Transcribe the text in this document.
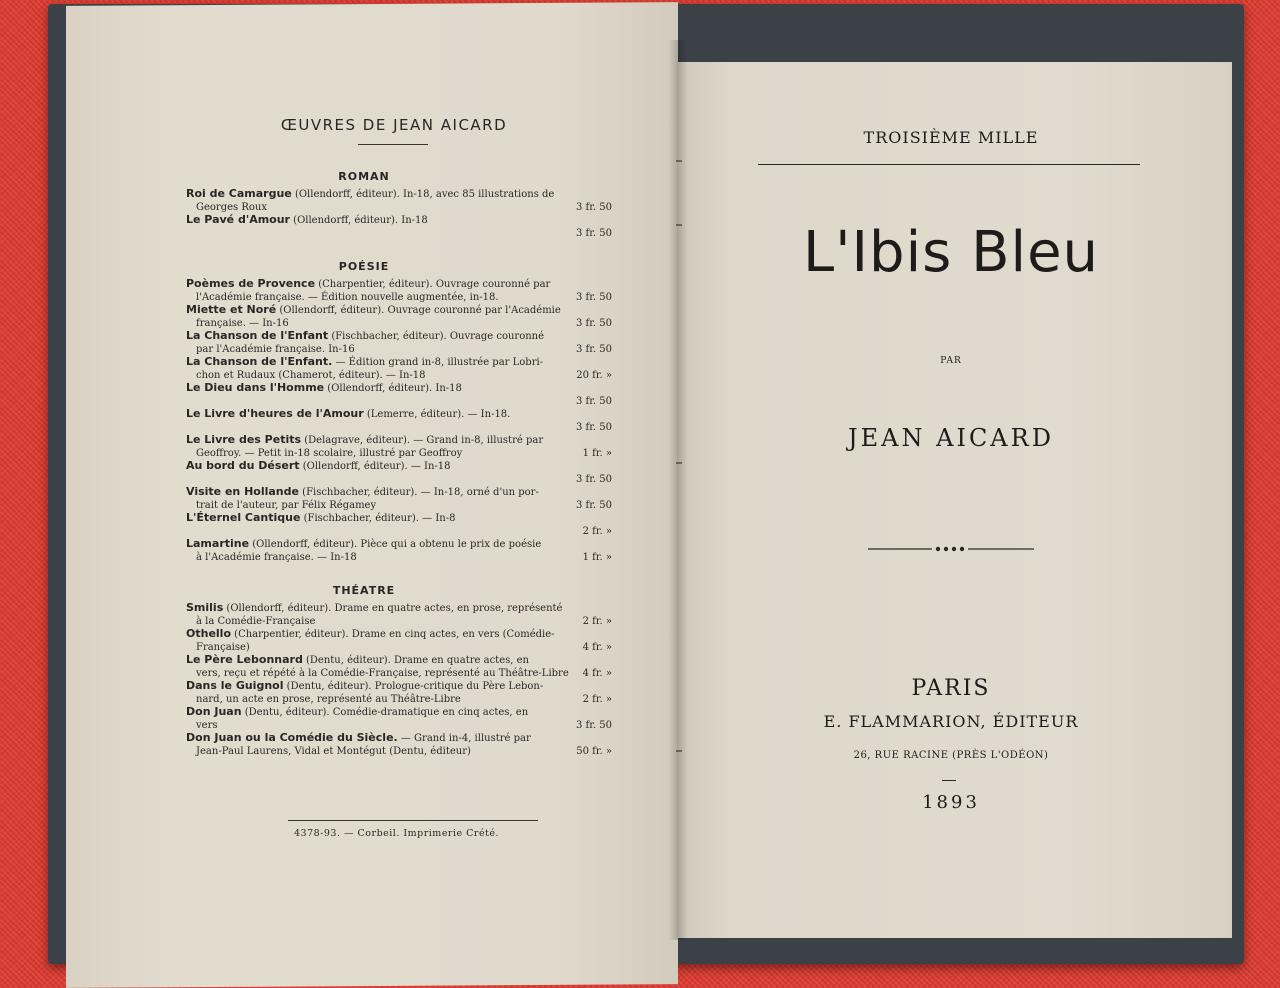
ŒUVRES DE JEAN AICARD
ROMAN
Roi de Camargue (Ollendorff, éditeur). In-18, avec 85 illustrations de
Georges Roux	3 fr. 50
Le Pavé d'Amour (Ollendorff, éditeur). In-18
3 fr. 50
POÉSIE
Poèmes de Provence (Charpentier, éditeur). Ouvrage couronné par
l'Académie française. — Édition nouvelle augmentée, in-18.	3 fr. 50
Miette et Noré (Ollendorff, éditeur). Ouvrage couronné par l'Académie
française. — In-16	3 fr. 50
La Chanson de l'Enfant (Fischbacher, éditeur). Ouvrage couronné
par l'Académie française. In-16	3 fr. 50
La Chanson de l'Enfant. — Édition grand in-8, illustrée par Lobri-
chon et Rudaux (Chamerot, éditeur). — In-18	20 fr. »
Le Dieu dans l'Homme (Ollendorff, éditeur). In-18
3 fr. 50
Le Livre d'heures de l'Amour (Lemerre, éditeur). — In-18.
3 fr. 50
Le Livre des Petits (Delagrave, éditeur). — Grand in-8, illustré par
Geoffroy. — Petit in-18 scolaire, illustré par Geoffroy	1 fr. »
Au bord du Désert (Ollendorff, éditeur). — In-18
3 fr. 50
Visite en Hollande (Fischbacher, éditeur). — In-18, orné d'un por-
trait de l'auteur, par Félix Régamey	3 fr. 50
L'Éternel Cantique (Fischbacher, éditeur). — In-8
2 fr. »
Lamartine (Ollendorff, éditeur). Pièce qui a obtenu le prix de poésie
à l'Académie française. — In-18	1 fr. »
THÉATRE
Smilis (Ollendorff, éditeur). Drame en quatre actes, en prose, représenté
à la Comédie-Française	2 fr. »
Othello (Charpentier, éditeur). Drame en cinq actes, en vers (Comédie-
Française)	4 fr. »
Le Père Lebonnard (Dentu, éditeur). Drame en quatre actes, en
vers, reçu et répété à la Comédie-Française, représenté au Théâtre-Libre 4 fr. »
Dans le Guignol (Dentu, éditeur). Prologue-critique du Père Lebon-
nard, un acte en prose, représenté au Théâtre-Libre	2 fr. »
Don Juan (Dentu, éditeur). Comédie-dramatique en cinq actes, en
vers	3 fr. 50
Don Juan ou la Comédie du Siècle. — Grand in-4, illustré par
Jean-Paul Laurens, Vidal et Montégut (Dentu, éditeur)	50 fr. »
4378-93. — Corbeil. Imprimerie Crété.
TROISIÈME MILLE
L'Ibis Bleu
PAR
JEAN AICARD
PARIS
E. FLAMMARION, ÉDITEUR
26, RUE RACINE (PRÈS L'ODÉON)
1893
